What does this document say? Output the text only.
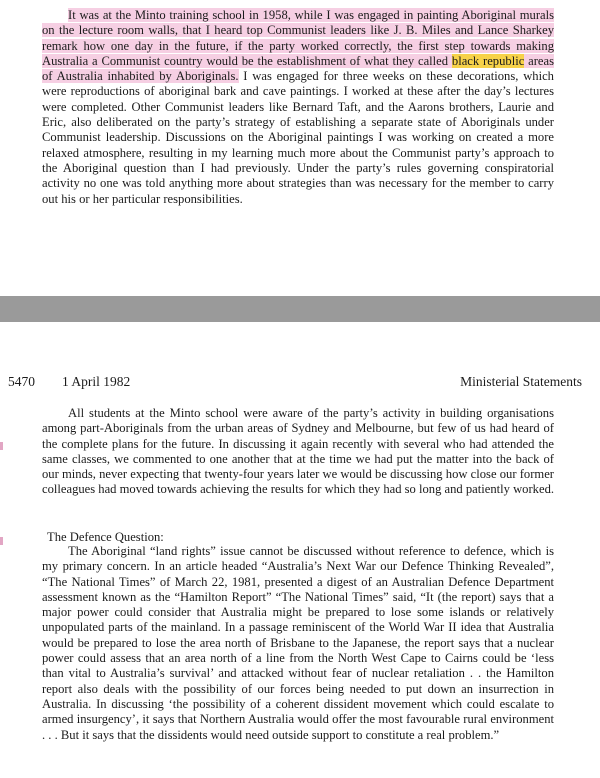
It was at the Minto training school in 1958, while I was engaged in painting Aboriginal murals on the lecture room walls, that I heard top Communist leaders like J. B. Miles and Lance Sharkey remark how one day in the future, if the party worked correctly, the first step towards making Australia a Communist country would be the establishment of what they called black republic areas of Australia inhabited by Aboriginals. I was engaged for three weeks on these decorations, which were reproductions of aboriginal bark and cave paintings. I worked at these after the day’s lectures were completed. Other Communist leaders like Bernard Taft, and the Aarons brothers, Laurie and Eric, also deliberated on the party’s strategy of establishing a separate state of Aboriginals under Communist leadership. Discussions on the Aboriginal paintings I was working on created a more relaxed atmosphere, resulting in my learning much more about the Communist party’s approach to the Aboriginal question than I had previously. Under the party’s rules governing conspiratorial activity no one was told anything more about strategies than was necessary for the member to carry out his or her particular responsibilities.

5470 1 April 1982	Ministerial Statements

All students at the Minto school were aware of the party’s activity in building organisations among part-Aboriginals from the urban areas of Sydney and Melbourne, but few of us had heard of the complete plans for the future. In discussing it again recently with several who had attended the same classes, we commented to one another that at the time we had put the matter into the back of our minds, never expecting that twenty-four years later we would be discussing how close our former colleagues had moved towards achieving the results for which they had so long and patiently worked.

The Defence Question:

The Aboriginal “land rights” issue cannot be discussed without reference to defence, which is my primary concern. In an article headed “Australia’s Next War our Defence Thinking Revealed”, “The National Times” of March 22, 1981, presented a digest of an Australian Defence Department assessment known as the “Hamilton Report” “The National Times” said, “It (the report) says that a major power could consider that Australia might be prepared to lose some islands or relatively unpopulated parts of the mainland. In a passage reminiscent of the World War II idea that Australia would be prepared to lose the area north of Brisbane to the Japanese, the report says that a nuclear power could assess that an area north of a line from the North West Cape to Cairns could be ‘less than vital to Australia’s survival’ and attacked without fear of nuclear retaliation . . the Hamilton report also deals with the possibility of our forces being needed to put down an insurrection in Australia. In discussing ‘the possibility of a coherent dissident movement which could escalate to armed insurgency’, it says that Northern Australia would offer the most favourable rural environment . . . But it says that the dissidents would need outside support to constitute a real problem.”
